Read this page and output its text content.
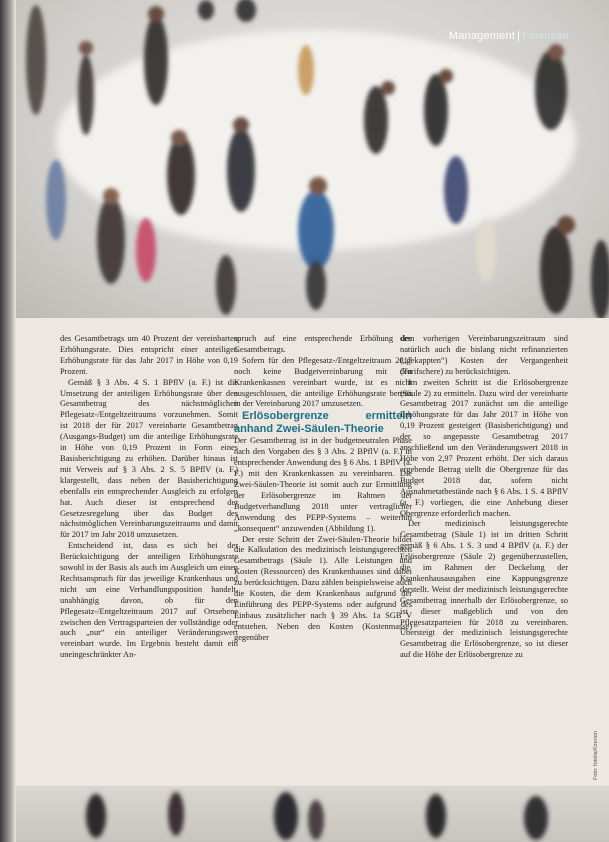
Management | Finanzen

des Gesamtbetrags um 40 Prozent der vereinbarten Erhöhungsrate. Dies entspricht einer anteiligen Erhöhungsrate für das Jahr 2017 in Höhe von 0,19 Prozent.

Gemäß § 3 Abs. 4 S. 1 BPflV (a. F.) ist die Umsetzung der anteiligen Erhöhungsrate über den Gesamtbetrag des nächstmöglichen Pflegesatz-/Entgeltzeitraums vorzunehmen. Somit ist 2018 der für 2017 vereinbarte Gesamtbetrag (Ausgangs-Budget) um die anteilige Erhöhungsrate in Höhe von 0,19 Prozent in Form eines Basisberichtigung zu erhöhen. Darüber hinaus ist mit Verweis auf § 3 Abs. 2 S. 5 BPflV (a. F.) klargestellt, dass neben der Basisberichtigung ebenfalls ein entsprechender Ausgleich zu erfolgen hat. Auch dieser ist entsprechend der Gesetzesregelung über das Budget des nächstmöglichen Vereinbarungszeitraums und damit für 2017 im Jahr 2018 umzusetzen.

Entscheidend ist, dass es sich bei der Berücksichtigung der anteiligen Erhöhungsrate sowohl in der Basis als auch im Ausgleich um einen Rechtsanspruch für das jeweilige Krankenhaus und nicht um eine Verhandlungsposition handelt, unabhängig davon, ob für den Pflegesatz-/Entgeltzeitraum 2017 auf Ortsebene zwischen den Vertragsparteien der vollständige oder auch „nur“ ein anteiliger Veränderungswert vereinbart wurde. Im Ergebnis besteht damit ein uneingeschränkter An-

spruch auf eine entsprechende Erhöhung des Gesamtbetrags.

Sofern für den Pflegesatz-/Entgeltzeitraum 2017 noch keine Budgetvereinbarung mit den Krankenkassen vereinbart wurde, ist es nicht ausgeschlossen, die anteilige Erhöhungsrate bereits in der Vereinbarung 2017 umzusetzen.

Erlösobergrenze ermitteln anhand Zwei-Säulen-Theorie

Der Gesamtbetrag ist in der budgetneutralen Phase nach den Vorgaben des § 3 Abs. 2 BPflV (a. F.) in entsprechender Anwendung des § 6 Abs. 1 BPflV (a. F.) mit den Krankenkassen zu vereinbaren. Die Zwei-Säulen-Theorie ist somit auch zur Ermittlung der Erlösobergrenze im Rahmen der Budgetverhandlung 2018 unter vertraglicher Anwendung des PEPP-Systems – weiterhin „konsequent“ anzuwenden (Abbildung 1).

Der erste Schritt der Zwei-Säulen-Theorie bildet die Kalkulation des medizinisch leistungsgerechten Gesamtbetrags (Säule 1). Alle Leistungen und Kosten (Ressourcen) des Krankenhauses sind dabei zu berücksichtigen. Dazu zählen beispielsweise auch die Kosten, die dem Krankenhaus aufgrund der Einführung des PEPP-Systems oder aufgrund des Einbaus zusätzlicher nach § 39 Abs. 1a SGB V entstehen. Neben den Kosten (Kostenmasse) gegenüber

dem vorherigen Vereinbarungszeitraum sind natürlich auch die bislang nicht refinanzierten („gekappten“) Kosten der Vergangenheit (Tarifschere) zu berücksichtigen.

Im zweiten Schritt ist die Erlösobergrenze (Säule 2) zu ermitteln. Dazu wird der vereinbarte Gesamtbetrag 2017 zunächst um die anteilige Erhöhungsrate für das Jahr 2017 in Höhe von 0,19 Prozent gesteigert (Basisberichtigung) und der so angepasste Gesamtbetrag 2017 anschließend um den Veränderungswert 2018 in Höhe von 2,97 Prozent erhöht. Der sich daraus ergebende Betrag stellt die Obergrenze für das Budget 2018 dar, sofern nicht Ausnahmetatbestände nach § 6 Abs. 1 S. 4 BPflV (a. F.) vorliegen, die eine Anhebung dieser Obergrenze erforderlich machen.

Der medizinisch leistungsgerechte Gesamtbetrag (Säule 1) ist im dritten Schritt gemäß § 6 Abs. 1 S. 3 und 4 BPflV (a. F.) der Erlösobergrenze (Säule 2) gegenüberzustellen, die im Rahmen der Deckelung der Krankenhausausgaben eine Kappungsgrenze darstellt. Weist der medizinisch leistungsgerechte Gesamtbetrag innerhalb der Erlösobergrenze, so ist dieser maßgeblich und von den Pflegesatzparteien für 2018 zu vereinbaren. Übersteigt der medizinisch leistungsgerechte Gesamtbetrag die Erlösobergrenze, so ist dieser auf die Höhe der Erlösobergrenze zu

Foto: fotolia/Kzenon
